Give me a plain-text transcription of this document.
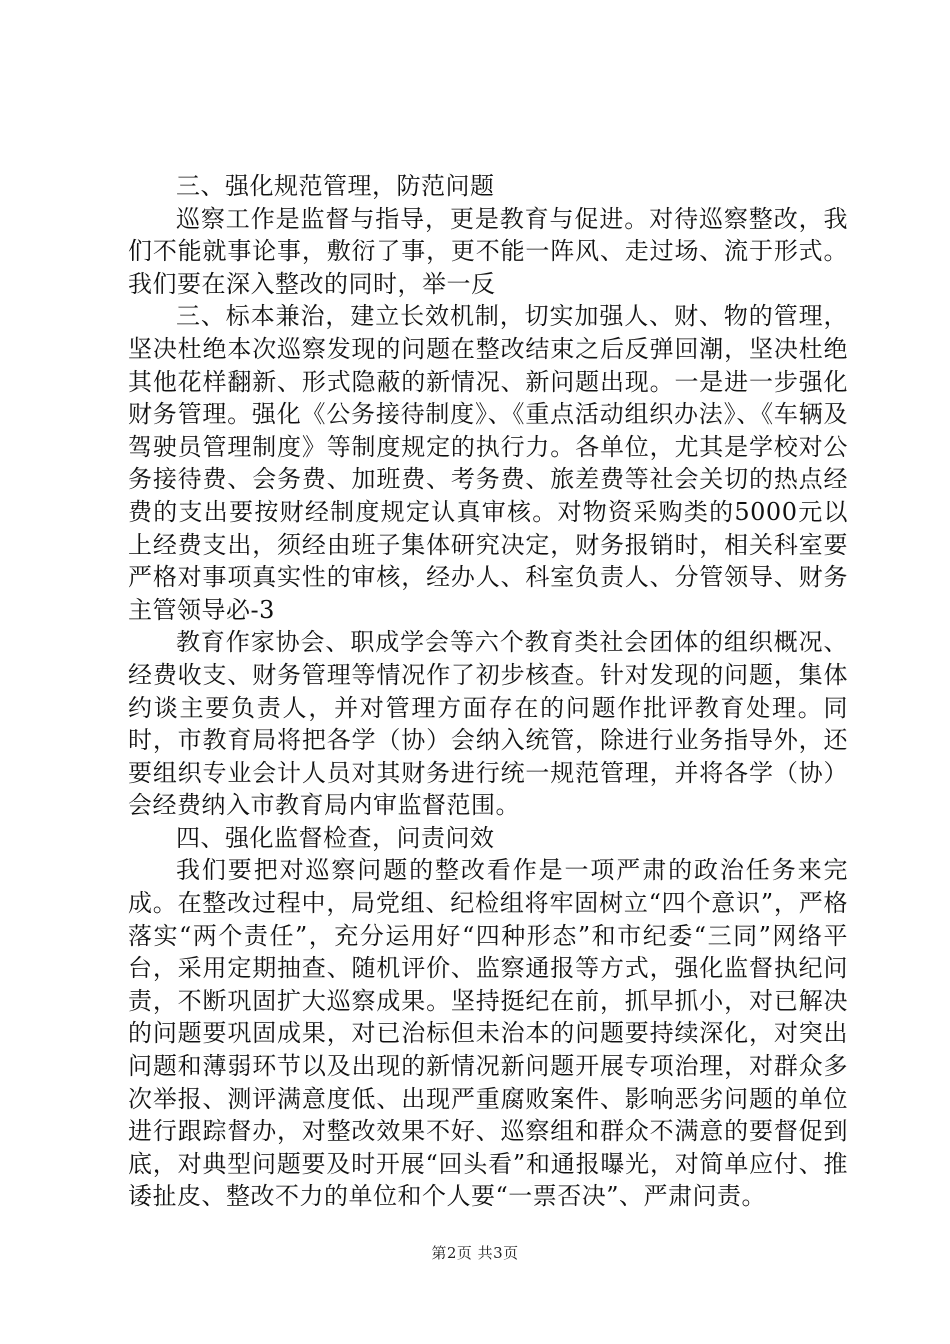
三、强化规范管理，防范问题

巡察工作是监督与指导，更是教育与促进。对待巡察整改，我们不能就事论事，敷衍了事，更不能一阵风、走过场、流于形式。我们要在深入整改的同时，举一反

三、标本兼治，建立长效机制，切实加强人、财、物的管理，坚决杜绝本次巡察发现的问题在整改结束之后反弹回潮，坚决杜绝其他花样翻新、形式隐蔽的新情况、新问题出现。一是进一步强化财务管理。强化《公务接待制度》、《重点活动组织办法》、《车辆及驾驶员管理制度》等制度规定的执行力。各单位，尤其是学校对公务接待费、会务费、加班费、考务费、旅差费等社会关切的热点经费的支出要按财经制度规定认真审核。对物资采购类的5000元以上经费支出，须经由班子集体研究决定，财务报销时，相关科室要严格对事项真实性的审核，经办人、科室负责人、分管领导、财务主管领导必-3

教育作家协会、职成学会等六个教育类社会团体的组织概况、经费收支、财务管理等情况作了初步核查。针对发现的问题，集体约谈主要负责人，并对管理方面存在的问题作批评教育处理。同时，市教育局将把各学（协）会纳入统管，除进行业务指导外，还要组织专业会计人员对其财务进行统一规范管理，并将各学（协）会经费纳入市教育局内审监督范围。

四、强化监督检查，问责问效

我们要把对巡察问题的整改看作是一项严肃的政治任务来完成。在整改过程中，局党组、纪检组将牢固树立“四个意识”，严格落实“两个责任”，充分运用好“四种形态”和市纪委“三同”网络平台，采用定期抽查、随机评价、监察通报等方式，强化监督执纪问责，不断巩固扩大巡察成果。坚持挺纪在前，抓早抓小，对已解决的问题要巩固成果，对已治标但未治本的问题要持续深化，对突出问题和薄弱环节以及出现的新情况新问题开展专项治理，对群众多次举报、测评满意度低、出现严重腐败案件、影响恶劣问题的单位进行跟踪督办，对整改效果不好、巡察组和群众不满意的要督促到底，对典型问题要及时开展“回头看”和通报曝光，对简单应付、推诿扯皮、整改不力的单位和个人要“一票否决”、严肃问责。

第2页 共3页
